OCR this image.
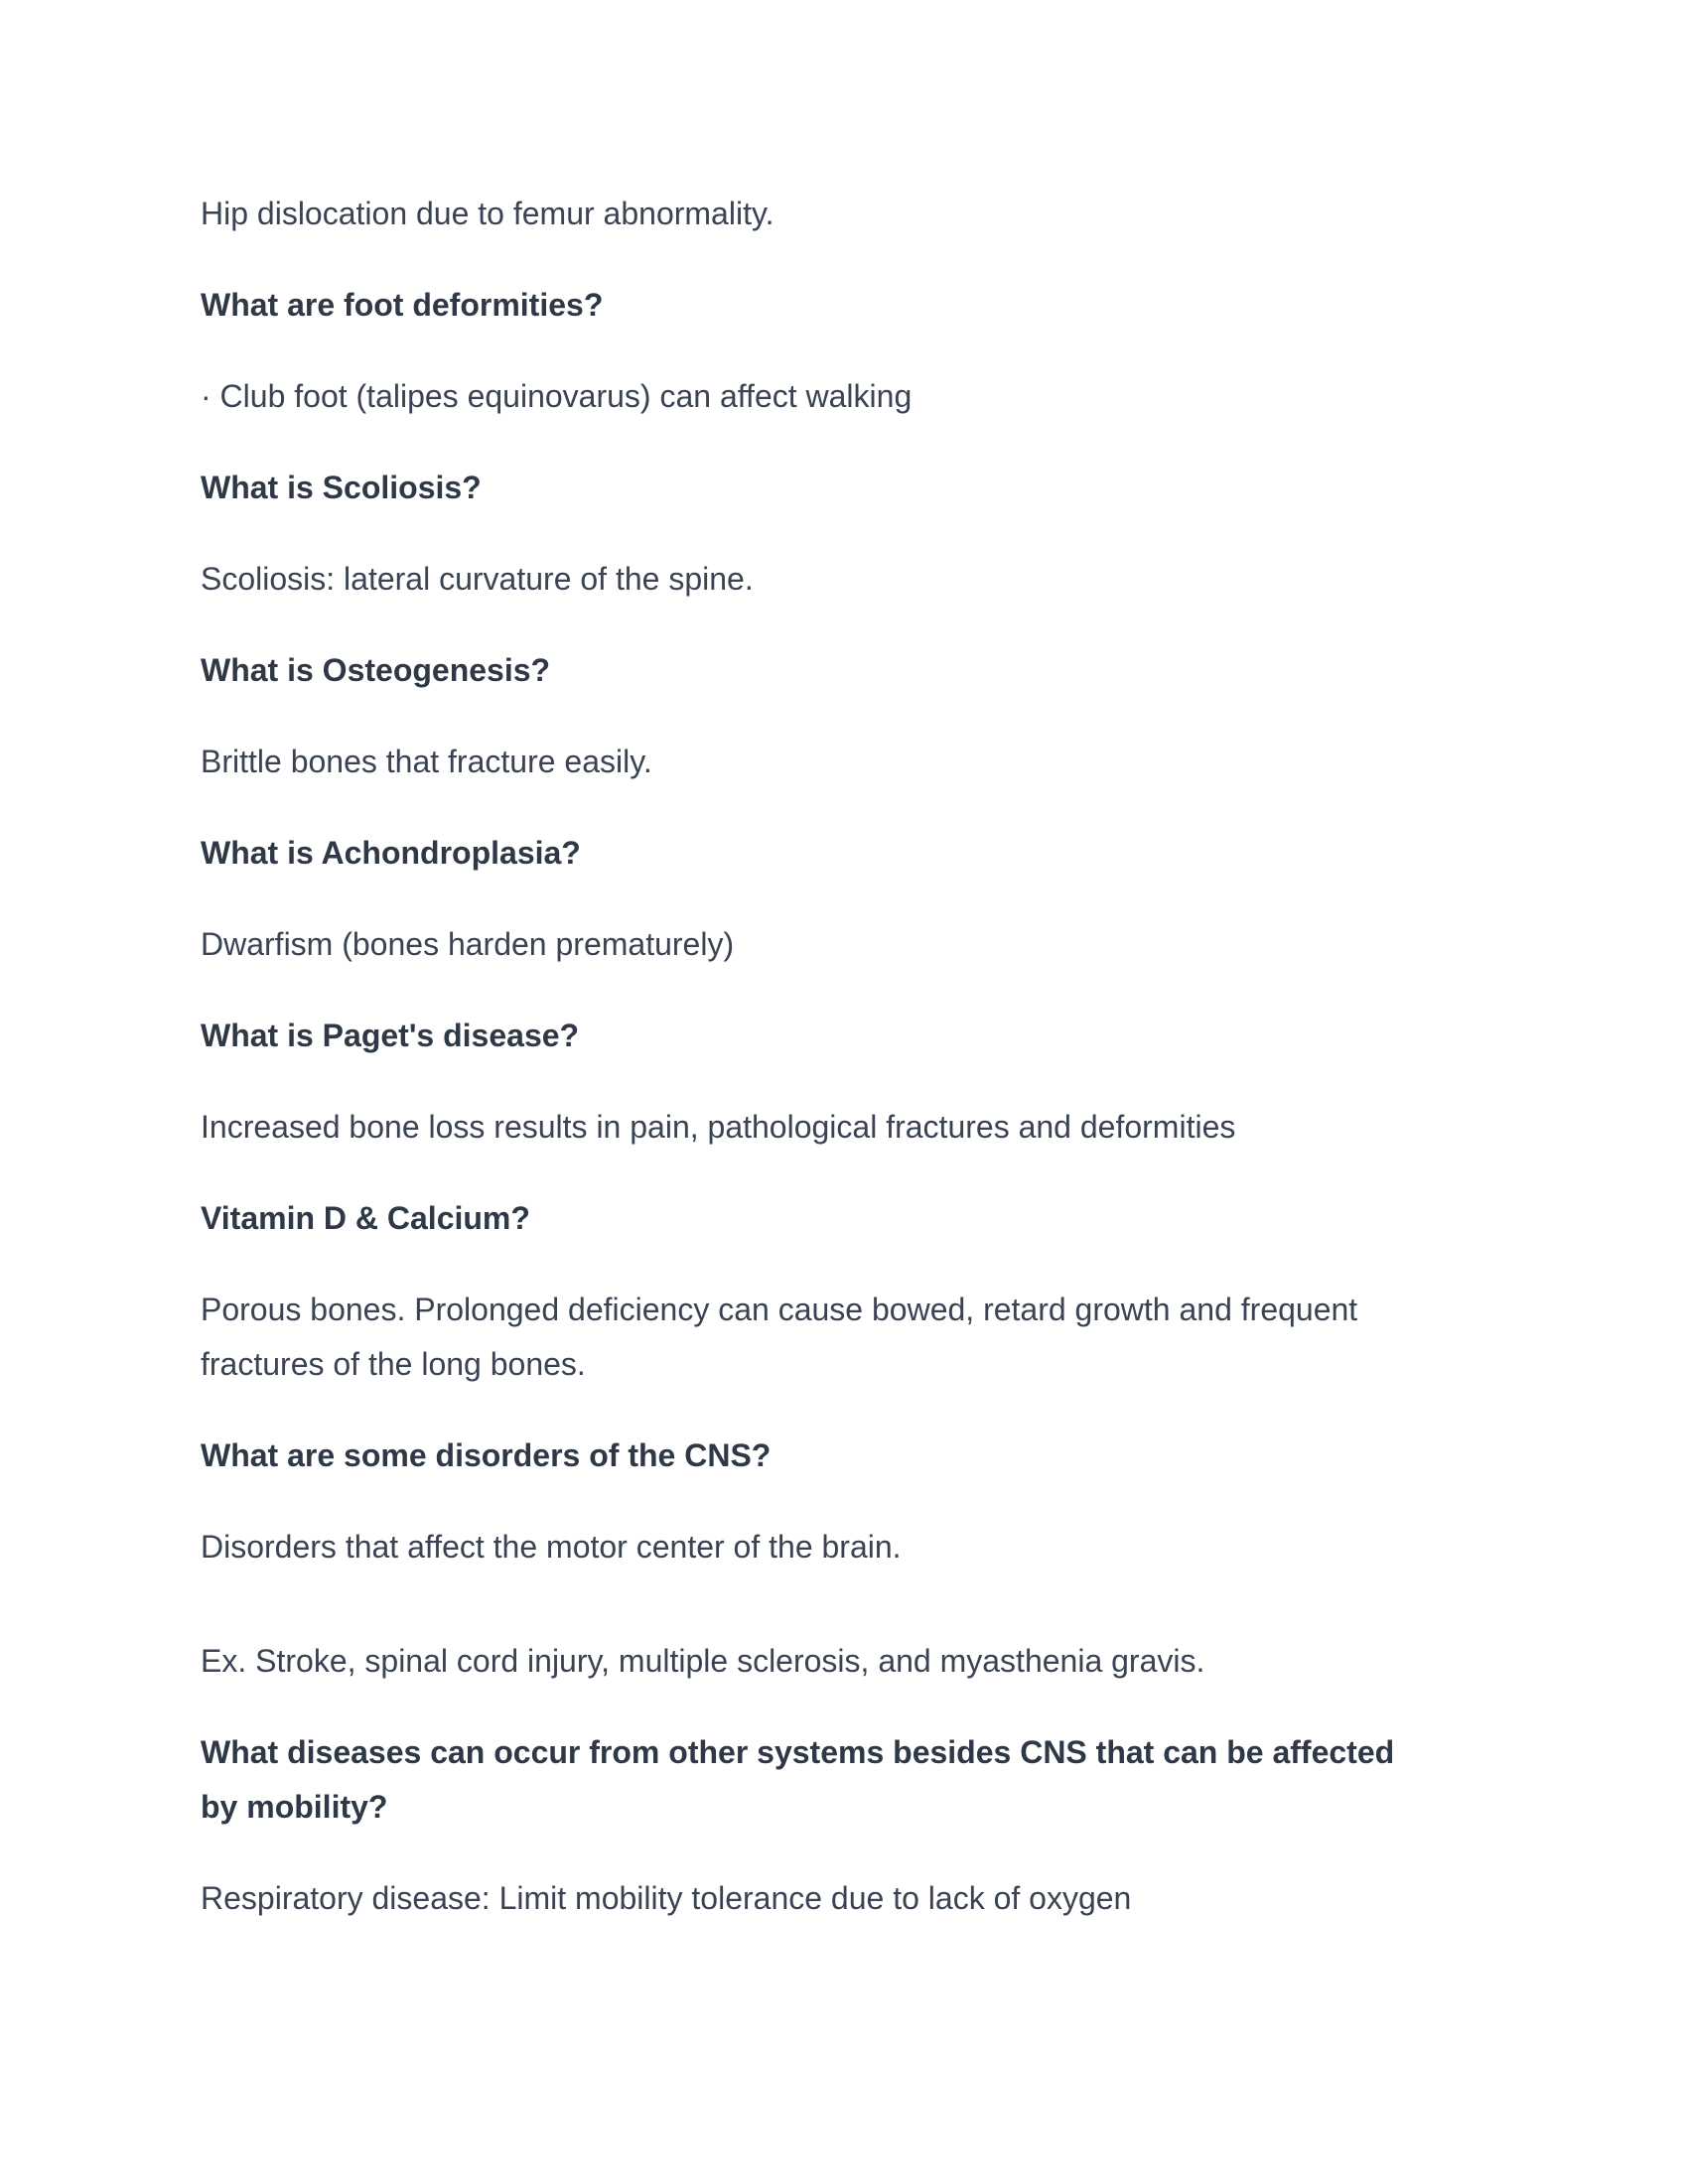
Hip dislocation due to femur abnormality.

What are foot deformities?

· Club foot (talipes equinovarus) can affect walking

What is Scoliosis?

Scoliosis: lateral curvature of the spine.

What is Osteogenesis?

Brittle bones that fracture easily.

What is Achondroplasia?

Dwarfism (bones harden prematurely)

What is Paget's disease?

Increased bone loss results in pain, pathological fractures and deformities

Vitamin D & Calcium?

Porous bones. Prolonged deficiency can cause bowed, retard growth and frequent fractures of the long bones.

What are some disorders of the CNS?

Disorders that affect the motor center of the brain.

Ex. Stroke, spinal cord injury, multiple sclerosis, and myasthenia gravis.

What diseases can occur from other systems besides CNS that can be affected by mobility?

Respiratory disease: Limit mobility tolerance due to lack of oxygen
